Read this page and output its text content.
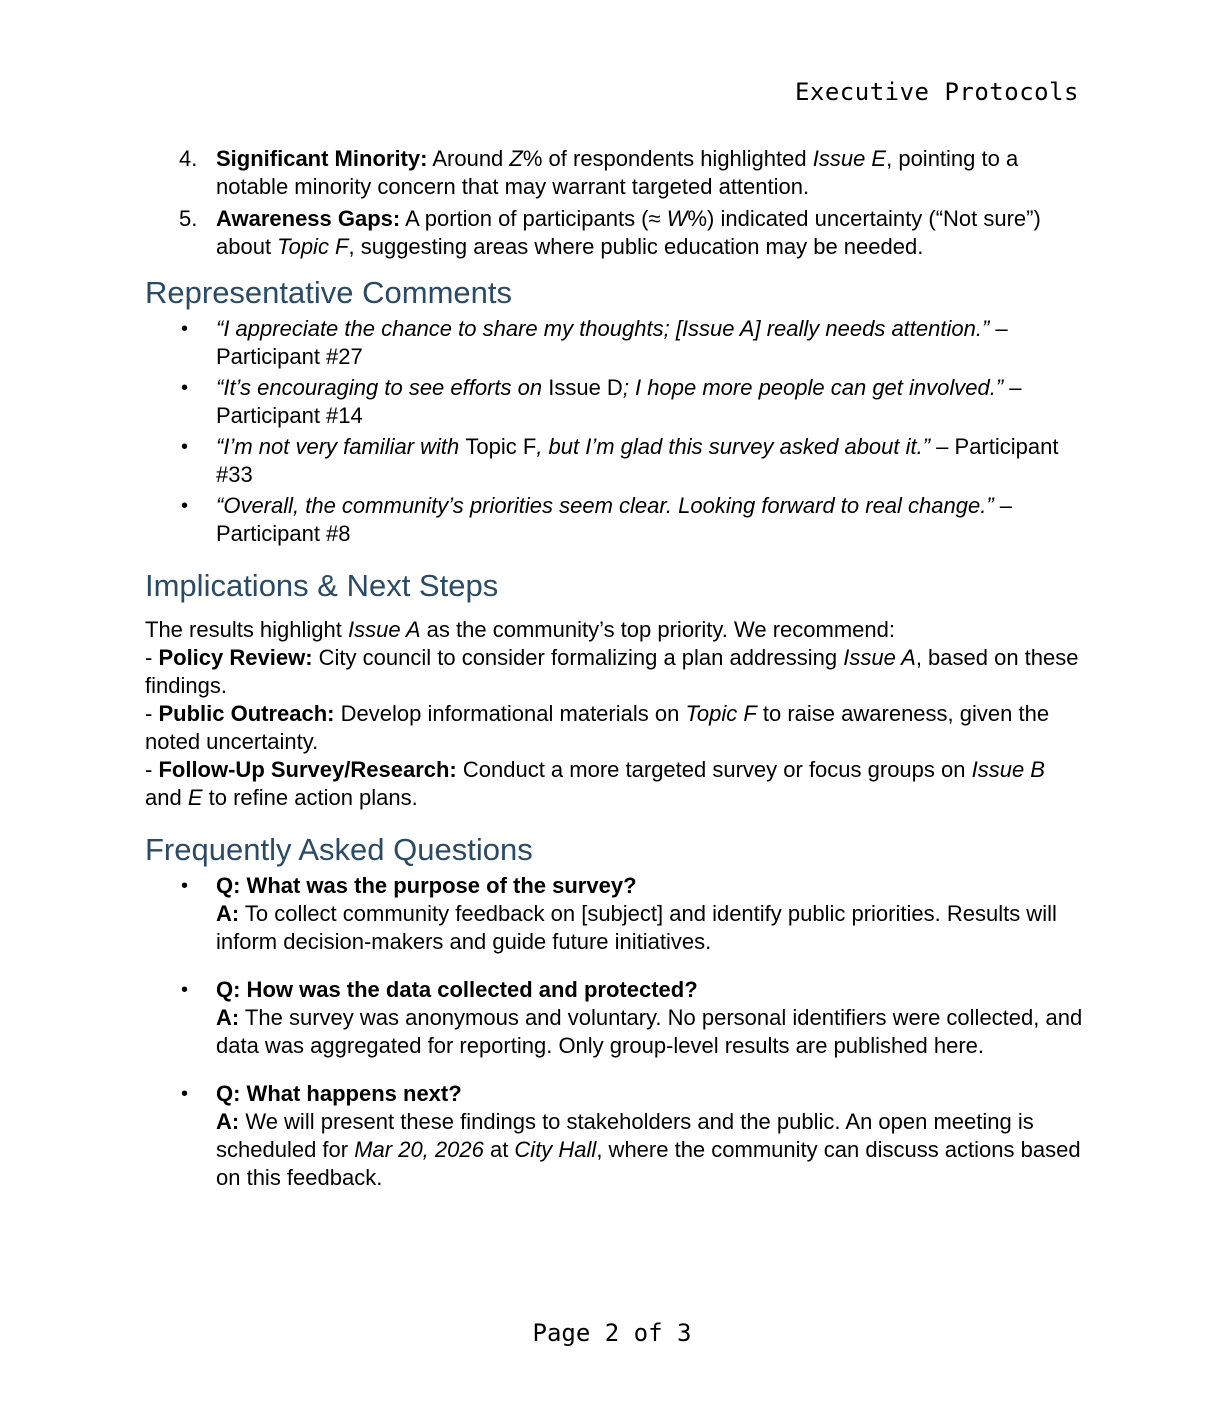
Executive Protocols
4. Significant Minority: Around Z% of respondents highlighted Issue E, pointing to a notable minority concern that may warrant targeted attention.
5. Awareness Gaps: A portion of participants (≈ W%) indicated uncertainty (“Not sure”) about Topic F, suggesting areas where public education may be needed.
Representative Comments
• “I appreciate the chance to share my thoughts; [Issue A] really needs attention.” – Participant #27
• “It’s encouraging to see efforts on Issue D; I hope more people can get involved.” – Participant #14
• “I’m not very familiar with Topic F, but I’m glad this survey asked about it.” – Participant #33
• “Overall, the community’s priorities seem clear. Looking forward to real change.” – Participant #8
Implications & Next Steps

The results highlight Issue A as the community’s top priority. We recommend:
- Policy Review: City council to consider formalizing a plan addressing Issue A, based on these findings.
- Public Outreach: Develop informational materials on Topic F to raise awareness, given the noted uncertainty.
- Follow-Up Survey/Research: Conduct a more targeted survey or focus groups on Issue B and E to refine action plans.

Frequently Asked Questions
• Q: What was the purpose of the survey?
A: To collect community feedback on [subject] and identify public priorities. Results will inform decision-makers and guide future initiatives.
• Q: How was the data collected and protected?
A: The survey was anonymous and voluntary. No personal identifiers were collected, and data was aggregated for reporting. Only group-level results are published here.
• Q: What happens next?
A: We will present these findings to stakeholders and the public. An open meeting is scheduled for Mar 20, 2026 at City Hall, where the community can discuss actions based on this feedback.
Page 2 of 3
